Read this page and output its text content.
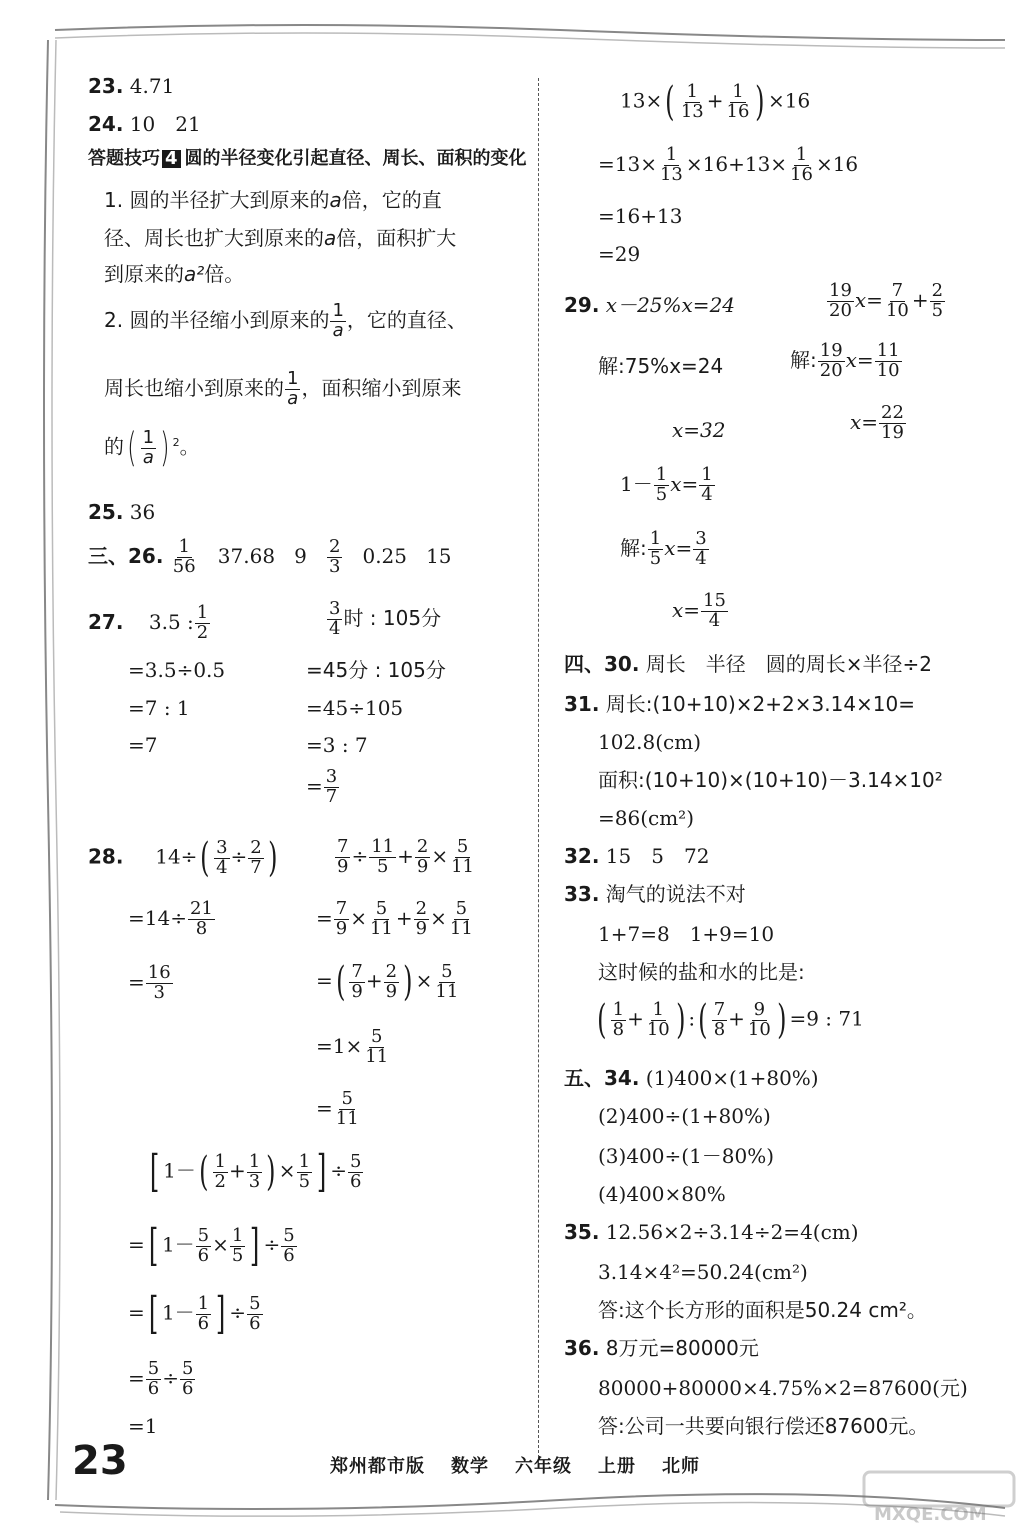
23. 4.71
24. 10　21
答题技巧 4 圆的半径变化引起直径、周长、面积的变化
1. 圆的半径扩大到原来的a倍，它的直
径、周长也扩大到原来的a倍，面积扩大
到原来的a²倍。
2. 圆的半径缩小到原来的 $\frac{1}{a}$ ，它的直径、
周长也缩小到原来的 $\frac{1}{a}$ ，面积缩小到原来
的( $\frac{1}{a}$ ) $^2$。
25. 36
三、26. $\frac{1}{56} 37.68$ $9 \frac{2}{3} 0.25$ 15
27. 3.5 : $\frac{1}{2}$
=3.5÷0.5
=7 : 1
=7
$\frac{3}{4}$ 时 : 105分
=45分 : 105分
=45÷105
=3 : 7
= $\frac{3}{7}$
28. $14\div( \frac{3}{4} \div \frac{2}{7}$ )
$=14\div \frac{21}{8}$
= $\frac{16}{3}$
$\frac{7}{9} \div \frac{11}{5} + \frac{2}{9} \times \frac{5}{11}$
= $\frac{7}{9} \times \frac{5}{11} + \frac{2}{9} \times \frac{5}{11}$
=( $\frac{7}{9} + \frac{2}{9}$ ) × $\frac{5}{11}$
$=1\times \frac{5}{11}$
= $\frac{5}{11}$
[ $1-( \frac{1}{2} + \frac{1}{3}$ ) × $\frac{1}{5}$ ] ÷ $\frac{5}{6}$
=[ $1- \frac{5}{6} \times \frac{1}{5}$ ] ÷ $\frac{5}{6}$
=[ $1- \frac{1}{6}$ ] ÷ $\frac{5}{6}$
= $\frac{5}{6} \div \frac{5}{6}$
=1
$13\times( \frac{1}{13} + \frac{1}{16}$ ) ×16
$=13\times \frac{1}{13} \times 16+13\times \frac{1}{16} \times 16$
=16+13
=29
29. x－25%x=24
解:75%x=24
x=32
$\frac{19}{20} x= \frac{7}{10} + \frac{2}{5}$
解: $\frac{19}{20} x= \frac{11}{10}$
$x= \frac{22}{19}$
$1- \frac{1}{5} x= \frac{1}{4}$
解: $\frac{1}{5} x= \frac{3}{4}$
$x= \frac{15}{4}$
四、30. 周长　半径　圆的周长×半径÷2
31. 周长:(10+10)×2+2×3.14×10=
102.8(cm)
面积:(10+10)×(10+10)－3.14×10²
=86(cm²)
32. 15　5　72
33. 淘气的说法不对
1+7=8　1+9=10
这时候的盐和水的比是:
( $\frac{1}{8} + \frac{1}{10}$ ) :( $\frac{7}{8} + \frac{9}{10}$ ) =9 : 71
五、34. (1)400×(1+80%)
(2)400÷(1+80%)
(3)400÷(1－80%)
(4)400×80%
35. 12.56×2÷3.14÷2=4(cm)
3.14×4²=50.24(cm²)
答:这个长方形的面积是50.24 cm²。
36. 8万元=80000元
80000+80000×4.75%×2=87600(元)
答:公司一共要向银行偿还87600元。
23	郑州都市版 数学 六年级 上册 北师
MXQE.COM
